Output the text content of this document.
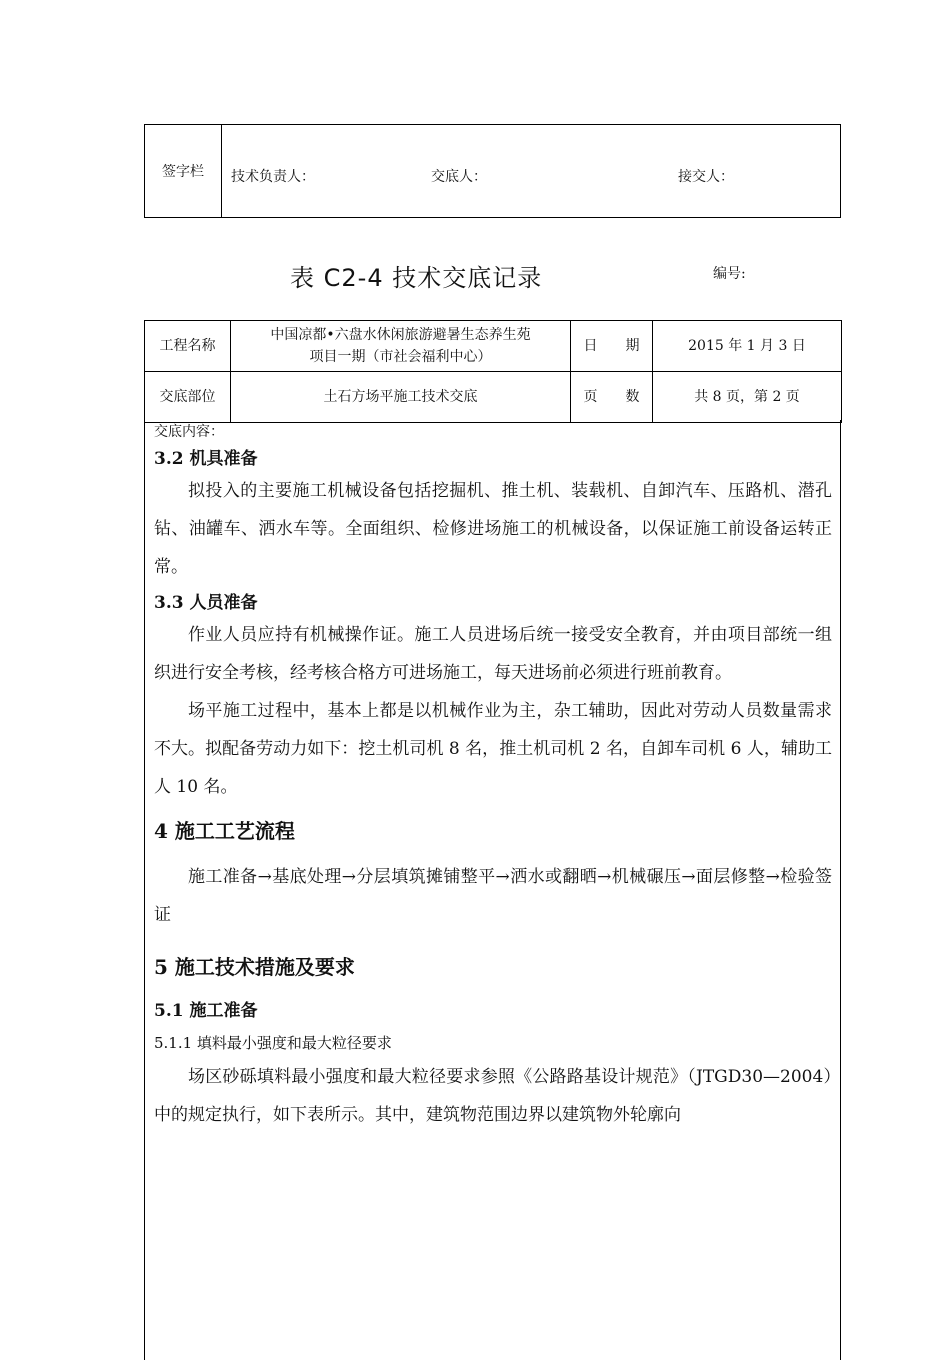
签字栏	技术负责人：	交底人：	接交人：
表 C2-4 技术交底记录	编号:
工程名称	中国凉都•六盘水休闲旅游避暑生态养生苑
项目一期（市社会福利中心）	日　　期	2015 年 1 月 3 日
交底部位	土石方场平施工技术交底	页　　数	共 8 页，第 2 页
交底内容：
3.2 机具准备

拟投入的主要施工机械设备包括挖掘机、推土机、装载机、自卸汽车、压路机、潜孔钻、油罐车、洒水车等。全面组织、检修进场施工的机械设备，以保证施工前设备运转正常。

3.3 人员准备

作业人员应持有机械操作证。施工人员进场后统一接受安全教育，并由项目部统一组织进行安全考核，经考核合格方可进场施工，每天进场前必须进行班前教育。

场平施工过程中，基本上都是以机械作业为主，杂工辅助，因此对劳动人员数量需求不大。拟配备劳动力如下：挖土机司机 8 名，推土机司机 2 名，自卸车司机 6 人，辅助工人 10 名。

4 施工工艺流程

施工准备→基底处理→分层填筑摊铺整平→洒水或翻晒→机械碾压→面层修整→检验签证

5 施工技术措施及要求
5.1 施工准备
5.1.1 填料最小强度和最大粒径要求

场区砂砾填料最小强度和最大粒径要求参照《公路路基设计规范》（JTGD30—2004）中的规定执行，如下表所示。其中，建筑物范围边界以建筑物外轮廓向
